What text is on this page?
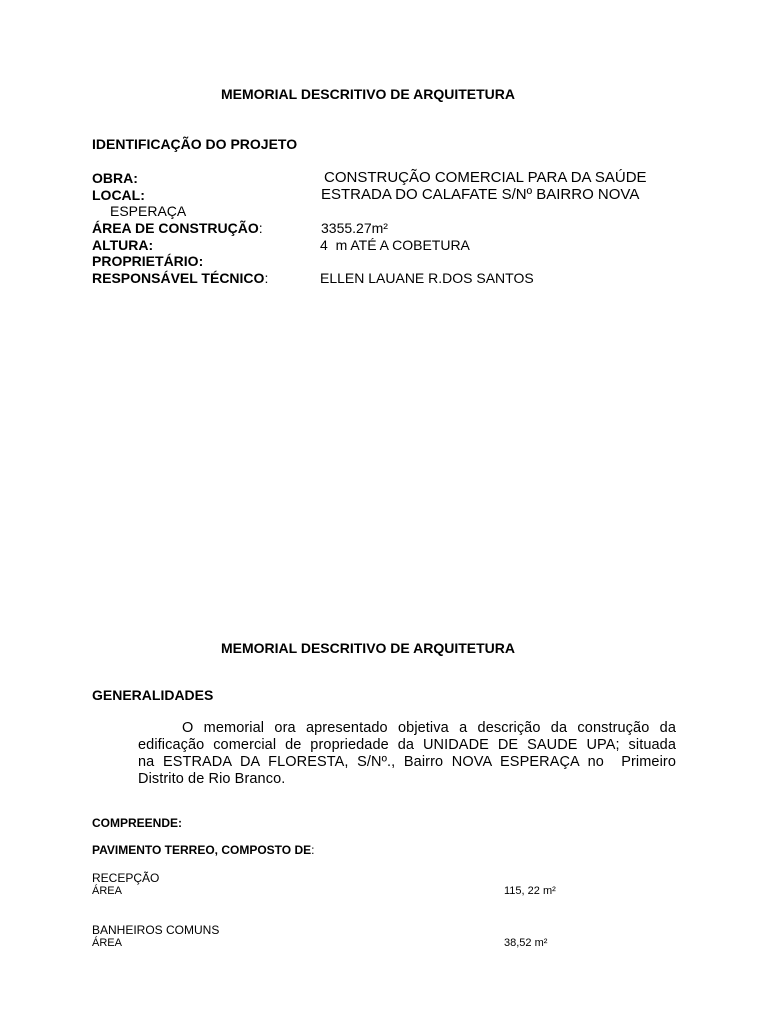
MEMORIAL DESCRITIVO DE ARQUITETURA
IDENTIFICAÇÃO DO PROJETO
OBRA:	CONSTRUÇÃO COMERCIAL PARA DA SAÚDE
LOCAL:	ESTRADA DO CALAFATE S/Nº BAIRRO NOVA
ESPERAÇA
ÁREA DE CONSTRUÇÃO:	3355.27m²
ALTURA:	4  m ATÉ A COBETURA
PROPRIETÁRIO:
RESPONSÁVEL TÉCNICO:	ELLEN LAUANE R.DOS SANTOS
MEMORIAL DESCRITIVO DE ARQUITETURA
GENERALIDADES
O memorial ora apresentado objetiva a descrição da construção da
edificação comercial de propriedade da UNIDADE DE SAUDE UPA; situada
na ESTRADA DA FLORESTA, S/Nº., Bairro NOVA ESPERAÇA no  Primeiro
Distrito de Rio Branco.
COMPREENDE:
PAVIMENTO TERREO, COMPOSTO DE:
RECEPÇÃO
ÁREA	115, 22 m²
BANHEIROS COMUNS
ÁREA	38,52 m²
